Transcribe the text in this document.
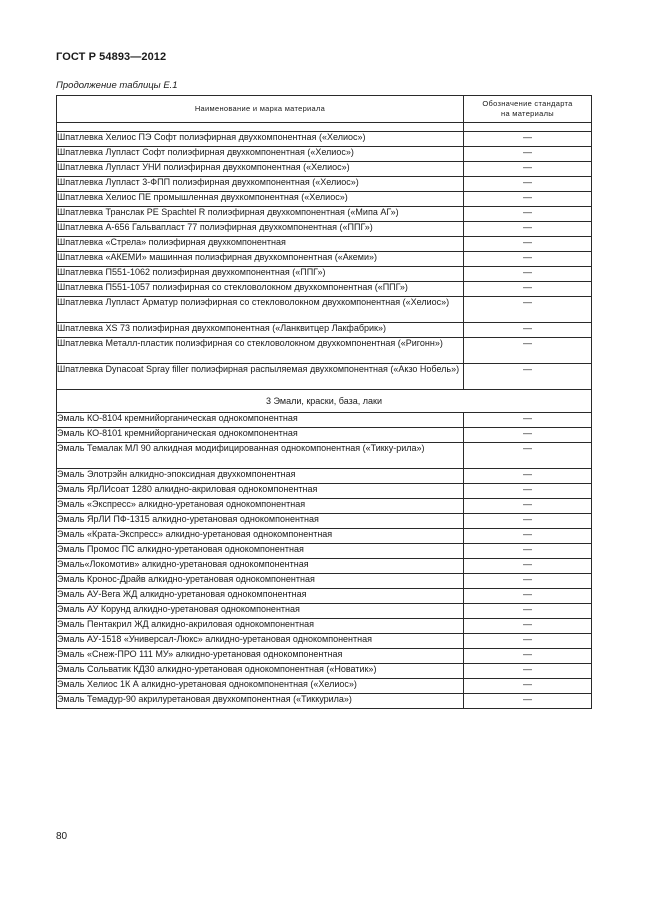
ГОСТ Р 54893—2012
Продолжение таблицы Е.1
Наименование и марка материала	Обозначение стандарта
на материалы

Шпатлевка Хелиос ПЭ Софт полиэфирная двухкомпонентная («Хелиос»)	—
Шпатлевка Лупласт Софт полиэфирная двухкомпонентная («Хелиос»)	—
Шпатлевка Лупласт УНИ полиэфирная двухкомпонентная («Хелиос»)	—
Шпатлевка Лупласт 3-ФПП полиэфирная двухкомпонентная («Хелиос»)	—
Шпатлевка Хелиос ПЕ промышленная двухкомпонентная («Хелиос»)	—
Шпатлевка Транслак PE Spachtel R полиэфирная двухкомпонентная («Мипа АГ»)	—
Шпатлевка А-656 Гальвапласт 77 полиэфирная двухкомпонентная («ППГ»)	—
Шпатлевка «Стрела» полиэфирная двухкомпонентная	—
Шпатлевка «АКЕМИ» машинная полиэфирная двухкомпонентная («Акеми»)	—
Шпатлевка П551-1062 полиэфирная двухкомпонентная («ППГ»)	—
Шпатлевка П551-1057 полиэфирная со стекловолокном двухкомпонентная («ППГ»)	—
Шпатлевка Лупласт Арматур полиэфирная со стекловолокном двухкомпонентная («Хелиос»)	—
Шпатлевка XS 73 полиэфирная двухкомпонентная («Ланквитцер Лакфабрик»)	—
Шпатлевка Металл-пластик полиэфирная со стекловолокном двухкомпонентная («Ригонн»)	—
Шпатлевка Dynacoat Spray filler полиэфирная распыляемая двухкомпонентная («Акзо Нобель»)	—
3 Эмали, краски, база, лаки	
Эмаль КО-8104 кремнийорганическая однокомпонентная	—
Эмаль КО-8101 кремнийорганическая однокомпонентная	—
Эмаль Темалак МЛ 90 алкидная модифицированная однокомпонентная («Тикку-рила»)	—
Эмаль Элотрэйн алкидно-эпоксидная двухкомпонентная	—
Эмаль ЯрЛИсоат 1280 алкидно-акриловая однокомпонентная	—
Эмаль «Экспресс» алкидно-уретановая однокомпонентная	—
Эмаль ЯрЛИ ПФ-1315 алкидно-уретановая однокомпонентная	—
Эмаль «Крата-Экспресс» алкидно-уретановая однокомпонентная	—
Эмаль Промос ПС алкидно-уретановая однокомпонентная	—
Эмаль«Локомотив» алкидно-уретановая однокомпонентная	—
Эмаль Кронос-Драйв алкидно-уретановая однокомпонентная	—
Эмаль АУ-Вега ЖД алкидно-уретановая однокомпонентная	—
Эмаль АУ Корунд алкидно-уретановая однокомпонентная	—
Эмаль Пентакрил ЖД алкидно-акриловая однокомпонентная	—
Эмаль АУ-1518 «Универсал-Люкс» алкидно-уретановая однокомпонентная	—
Эмаль «Снеж-ПРО 111 МУ» алкидно-уретановая однокомпонентная	—
Эмаль Сольватик КД30 алкидно-уретановая однокомпонентная («Новатик»)	—
Эмаль Хелиос 1К А алкидно-уретановая однокомпонентная («Хелиос»)	—
Эмаль Темадур-90 акрилуретановая двухкомпонентная («Тиккурила»)	—
80
